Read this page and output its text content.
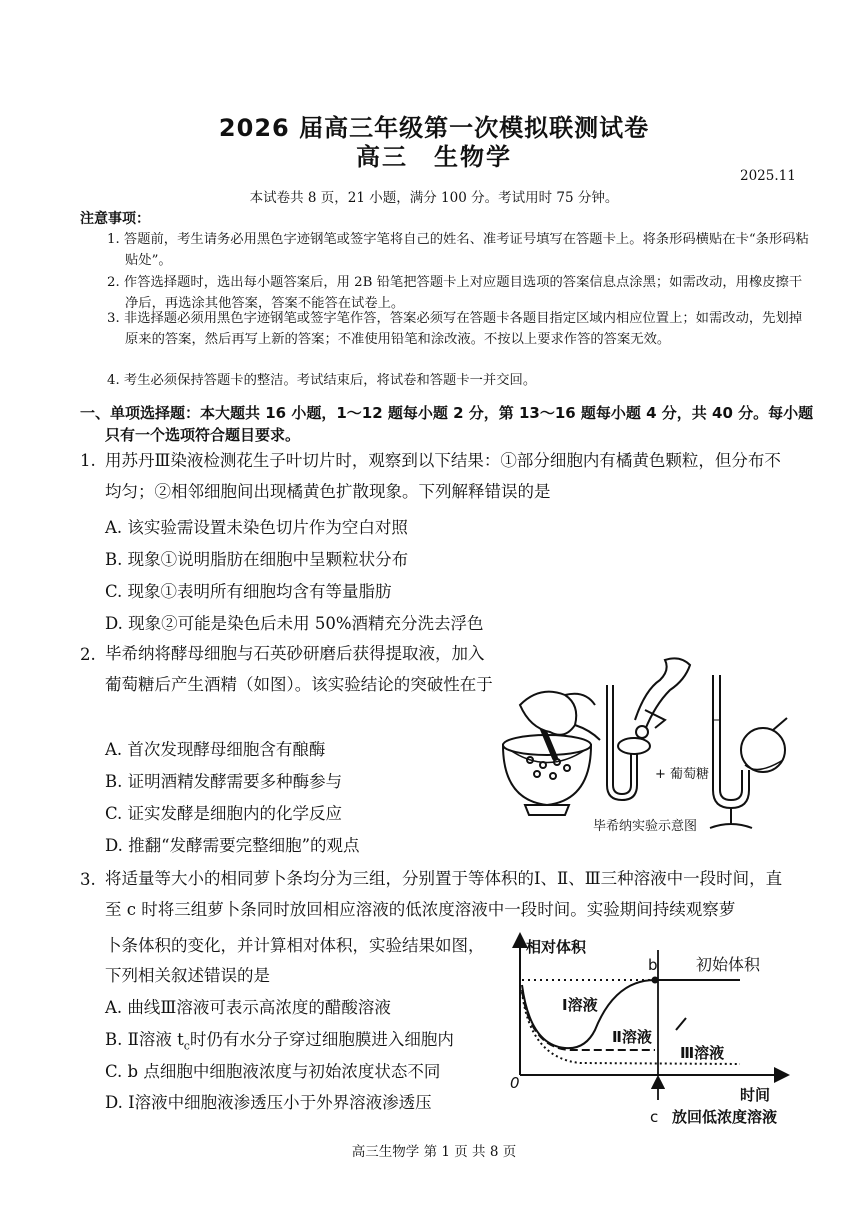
2026 届高三年级第一次模拟联测试卷
高三　生物学
2025.11
本试卷共 8 页，21 小题，满分 100 分。考试用时 75 分钟。
注意事项：
1. 答题前，考生请务必用黑色字迹钢笔或签字笔将自己的姓名、准考证号填写在答题卡上。将条形码横贴在卡“条形码粘贴处”。
2. 作答选择题时，选出每小题答案后，用 2B 铅笔把答题卡上对应题目选项的答案信息点涂黑；如需改动，用橡皮擦干净后，再选涂其他答案，答案不能答在试卷上。
3. 非选择题必须用黑色字迹钢笔或签字笔作答，答案必须写在答题卡各题目指定区域内相应位置上；如需改动，先划掉原来的答案，然后再写上新的答案；不准使用铅笔和涂改液。不按以上要求作答的答案无效。
4. 考生必须保持答题卡的整洁。考试结束后，将试卷和答题卡一并交回。
一、单项选择题：本大题共 16 小题，1～12 题每小题 2 分，第 13～16 题每小题 4 分，共 40 分。每小题只有一个选项符合题目要求。
1. 用苏丹Ⅲ染液检测花生子叶切片时，观察到以下结果：①部分细胞内有橘黄色颗粒，但分布不均匀；②相邻细胞间出现橘黄色扩散现象。下列解释错误的是
A. 该实验需设置未染色切片作为空白对照
B. 现象①说明脂肪在细胞中呈颗粒状分布
C. 现象①表明所有细胞均含有等量脂肪
D. 现象②可能是染色后未用 50%酒精充分洗去浮色
2. 毕希纳将酵母细胞与石英砂研磨后获得提取液，加入葡萄糖后产生酒精（如图）。该实验结论的突破性在于
A. 首次发现酵母细胞含有酿酶
B. 证明酒精发酵需要多种酶参与
C. 证实发酵是细胞内的化学反应
D. 推翻“发酵需要完整细胞”的观点
+ 葡萄糖
毕希纳实验示意图
3. 将适量等大小的相同萝卜条均分为三组，分别置于等体积的Ⅰ、Ⅱ、Ⅲ三种溶液中一段时间，直至 c 时将三组萝卜条同时放回相应溶液的低浓度溶液中一段时间。实验期间持续观察萝
卜条体积的变化，并计算相对体积，实验结果如图，
下列相关叙述错误的是
A. 曲线Ⅲ溶液可表示高浓度的醋酸溶液
B. Ⅱ溶液 $t_c$时仍有水分子穿过细胞膜进入细胞内
C. b 点细胞中细胞液浓度与初始浓度状态不同
D. Ⅰ溶液中细胞液渗透压小于外界溶液渗透压
相对体积
时间
0
初始体积
b
Ⅰ溶液
Ⅱ溶液
Ⅲ溶液
c 放回低浓度溶液
高三生物学 第 1 页 共 8 页
